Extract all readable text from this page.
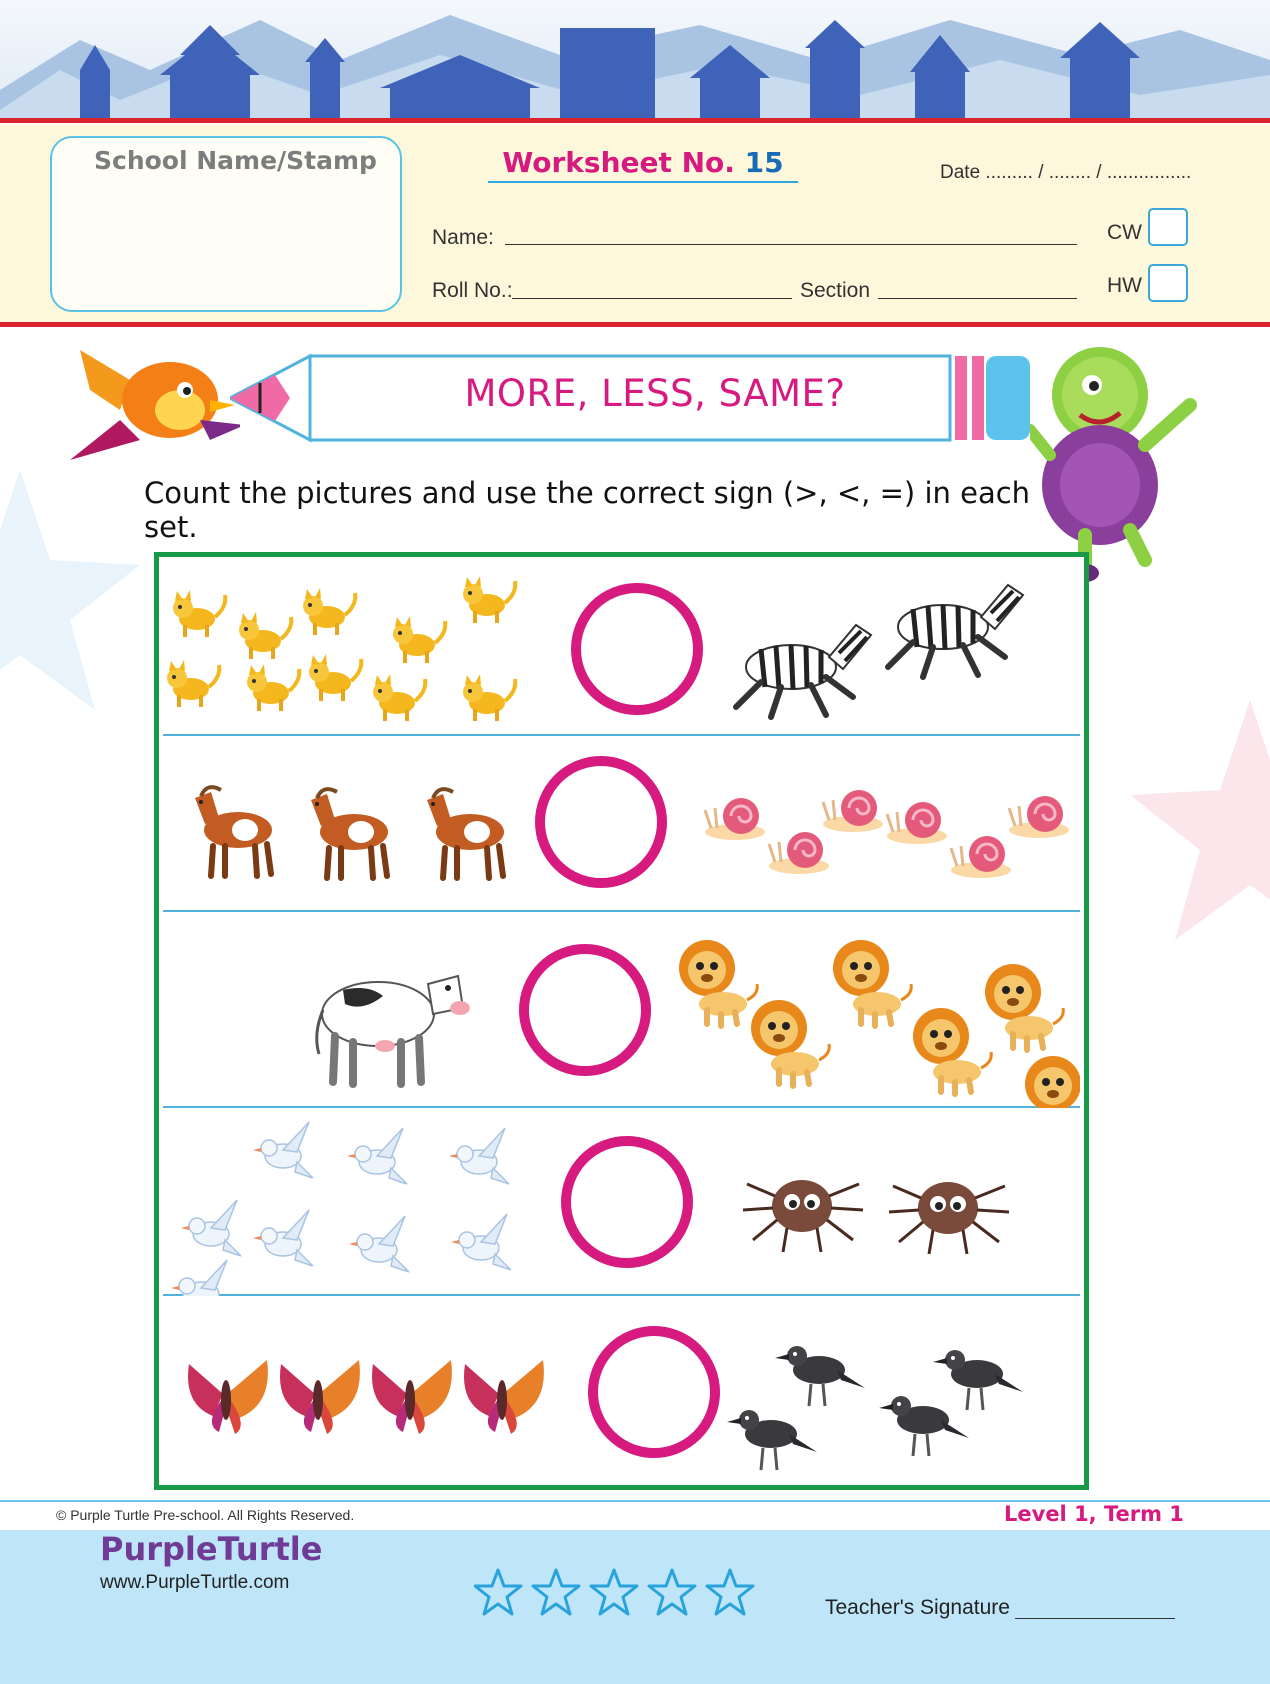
School Name/Stamp	Worksheet No. 15	Date ......... / ........ / ................
Name:
Roll No.:	Section
CW
HW
MORE, LESS, SAME?
Count the pictures and use the correct sign (>, <, =) in each set.
© Purple Turtle Pre-school. All Rights Reserved.	Level 1, Term 1
PurpleTurtle
www.PurpleTurtle.com
Teacher's Signature
